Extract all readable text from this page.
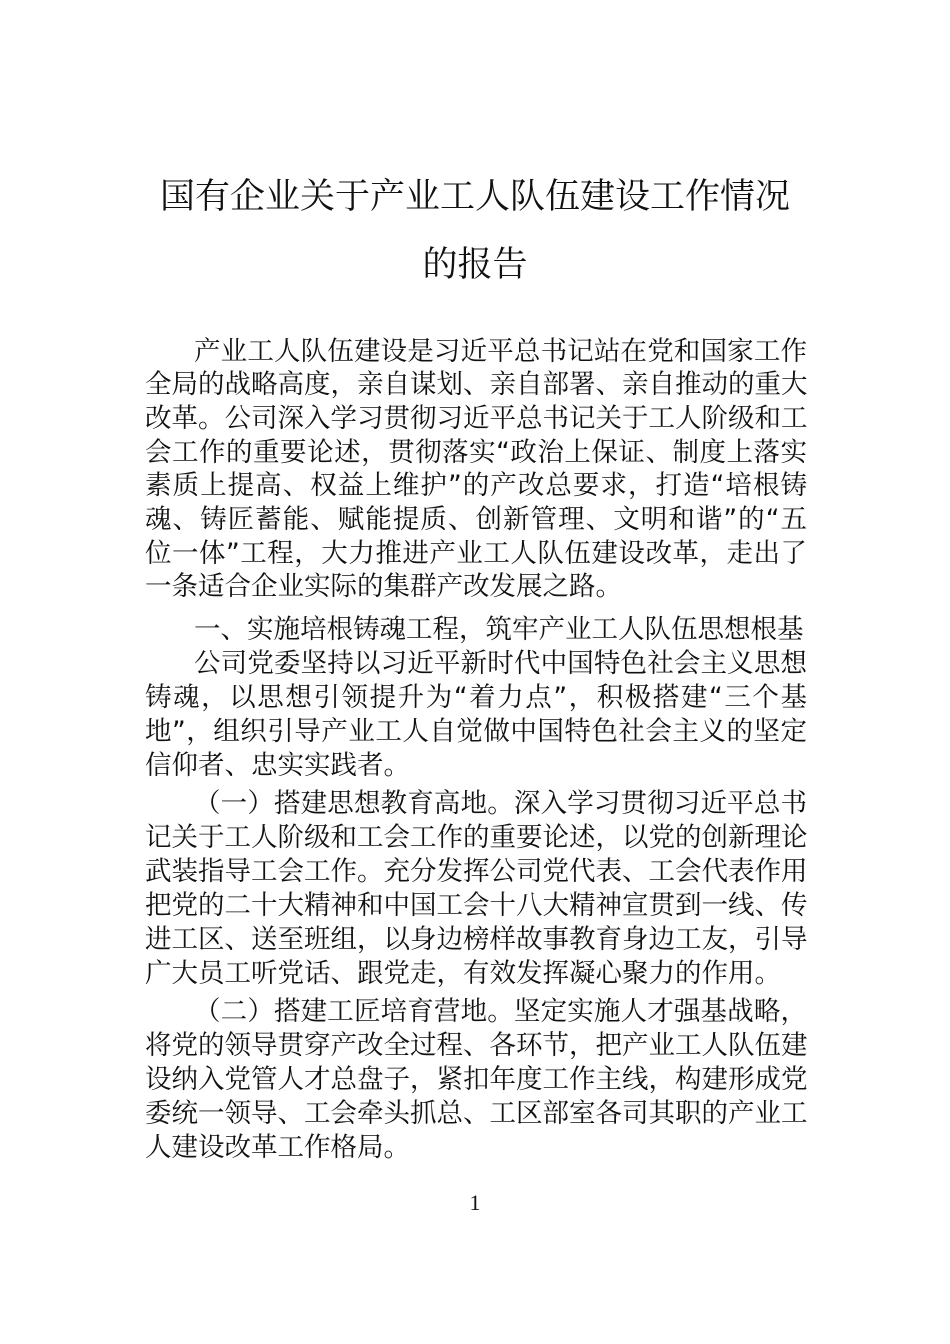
国有企业关于产业工人队伍建设工作情况
的报告
产业工人队伍建设是习近平总书记站在党和国家工作
全局的战略高度，亲自谋划、亲自部署、亲自推动的重大
改革。公司深入学习贯彻习近平总书记关于工人阶级和工
会工作的重要论述，贯彻落实“政治上保证、制度上落实
素质上提高、权益上维护”的产改总要求，打造“培根铸
魂、铸匠蓄能、赋能提质、创新管理、文明和谐”的“五
位一体”工程，大力推进产业工人队伍建设改革，走出了
一条适合企业实际的集群产改发展之路。
一、实施培根铸魂工程，筑牢产业工人队伍思想根基
公司党委坚持以习近平新时代中国特色社会主义思想
铸魂，以思想引领提升为“着力点”，积极搭建“三个基
地”，组织引导产业工人自觉做中国特色社会主义的坚定
信仰者、忠实实践者。
（一）搭建思想教育高地。深入学习贯彻习近平总书
记关于工人阶级和工会工作的重要论述，以党的创新理论
武装指导工会工作。充分发挥公司党代表、工会代表作用
把党的二十大精神和中国工会十八大精神宣贯到一线、传
进工区、送至班组，以身边榜样故事教育身边工友，引导
广大员工听党话、跟党走，有效发挥凝心聚力的作用。
（二）搭建工匠培育营地。坚定实施人才强基战略，
将党的领导贯穿产改全过程、各环节，把产业工人队伍建
设纳入党管人才总盘子，紧扣年度工作主线，构建形成党
委统一领导、工会牵头抓总、工区部室各司其职的产业工
人建设改革工作格局。
1
